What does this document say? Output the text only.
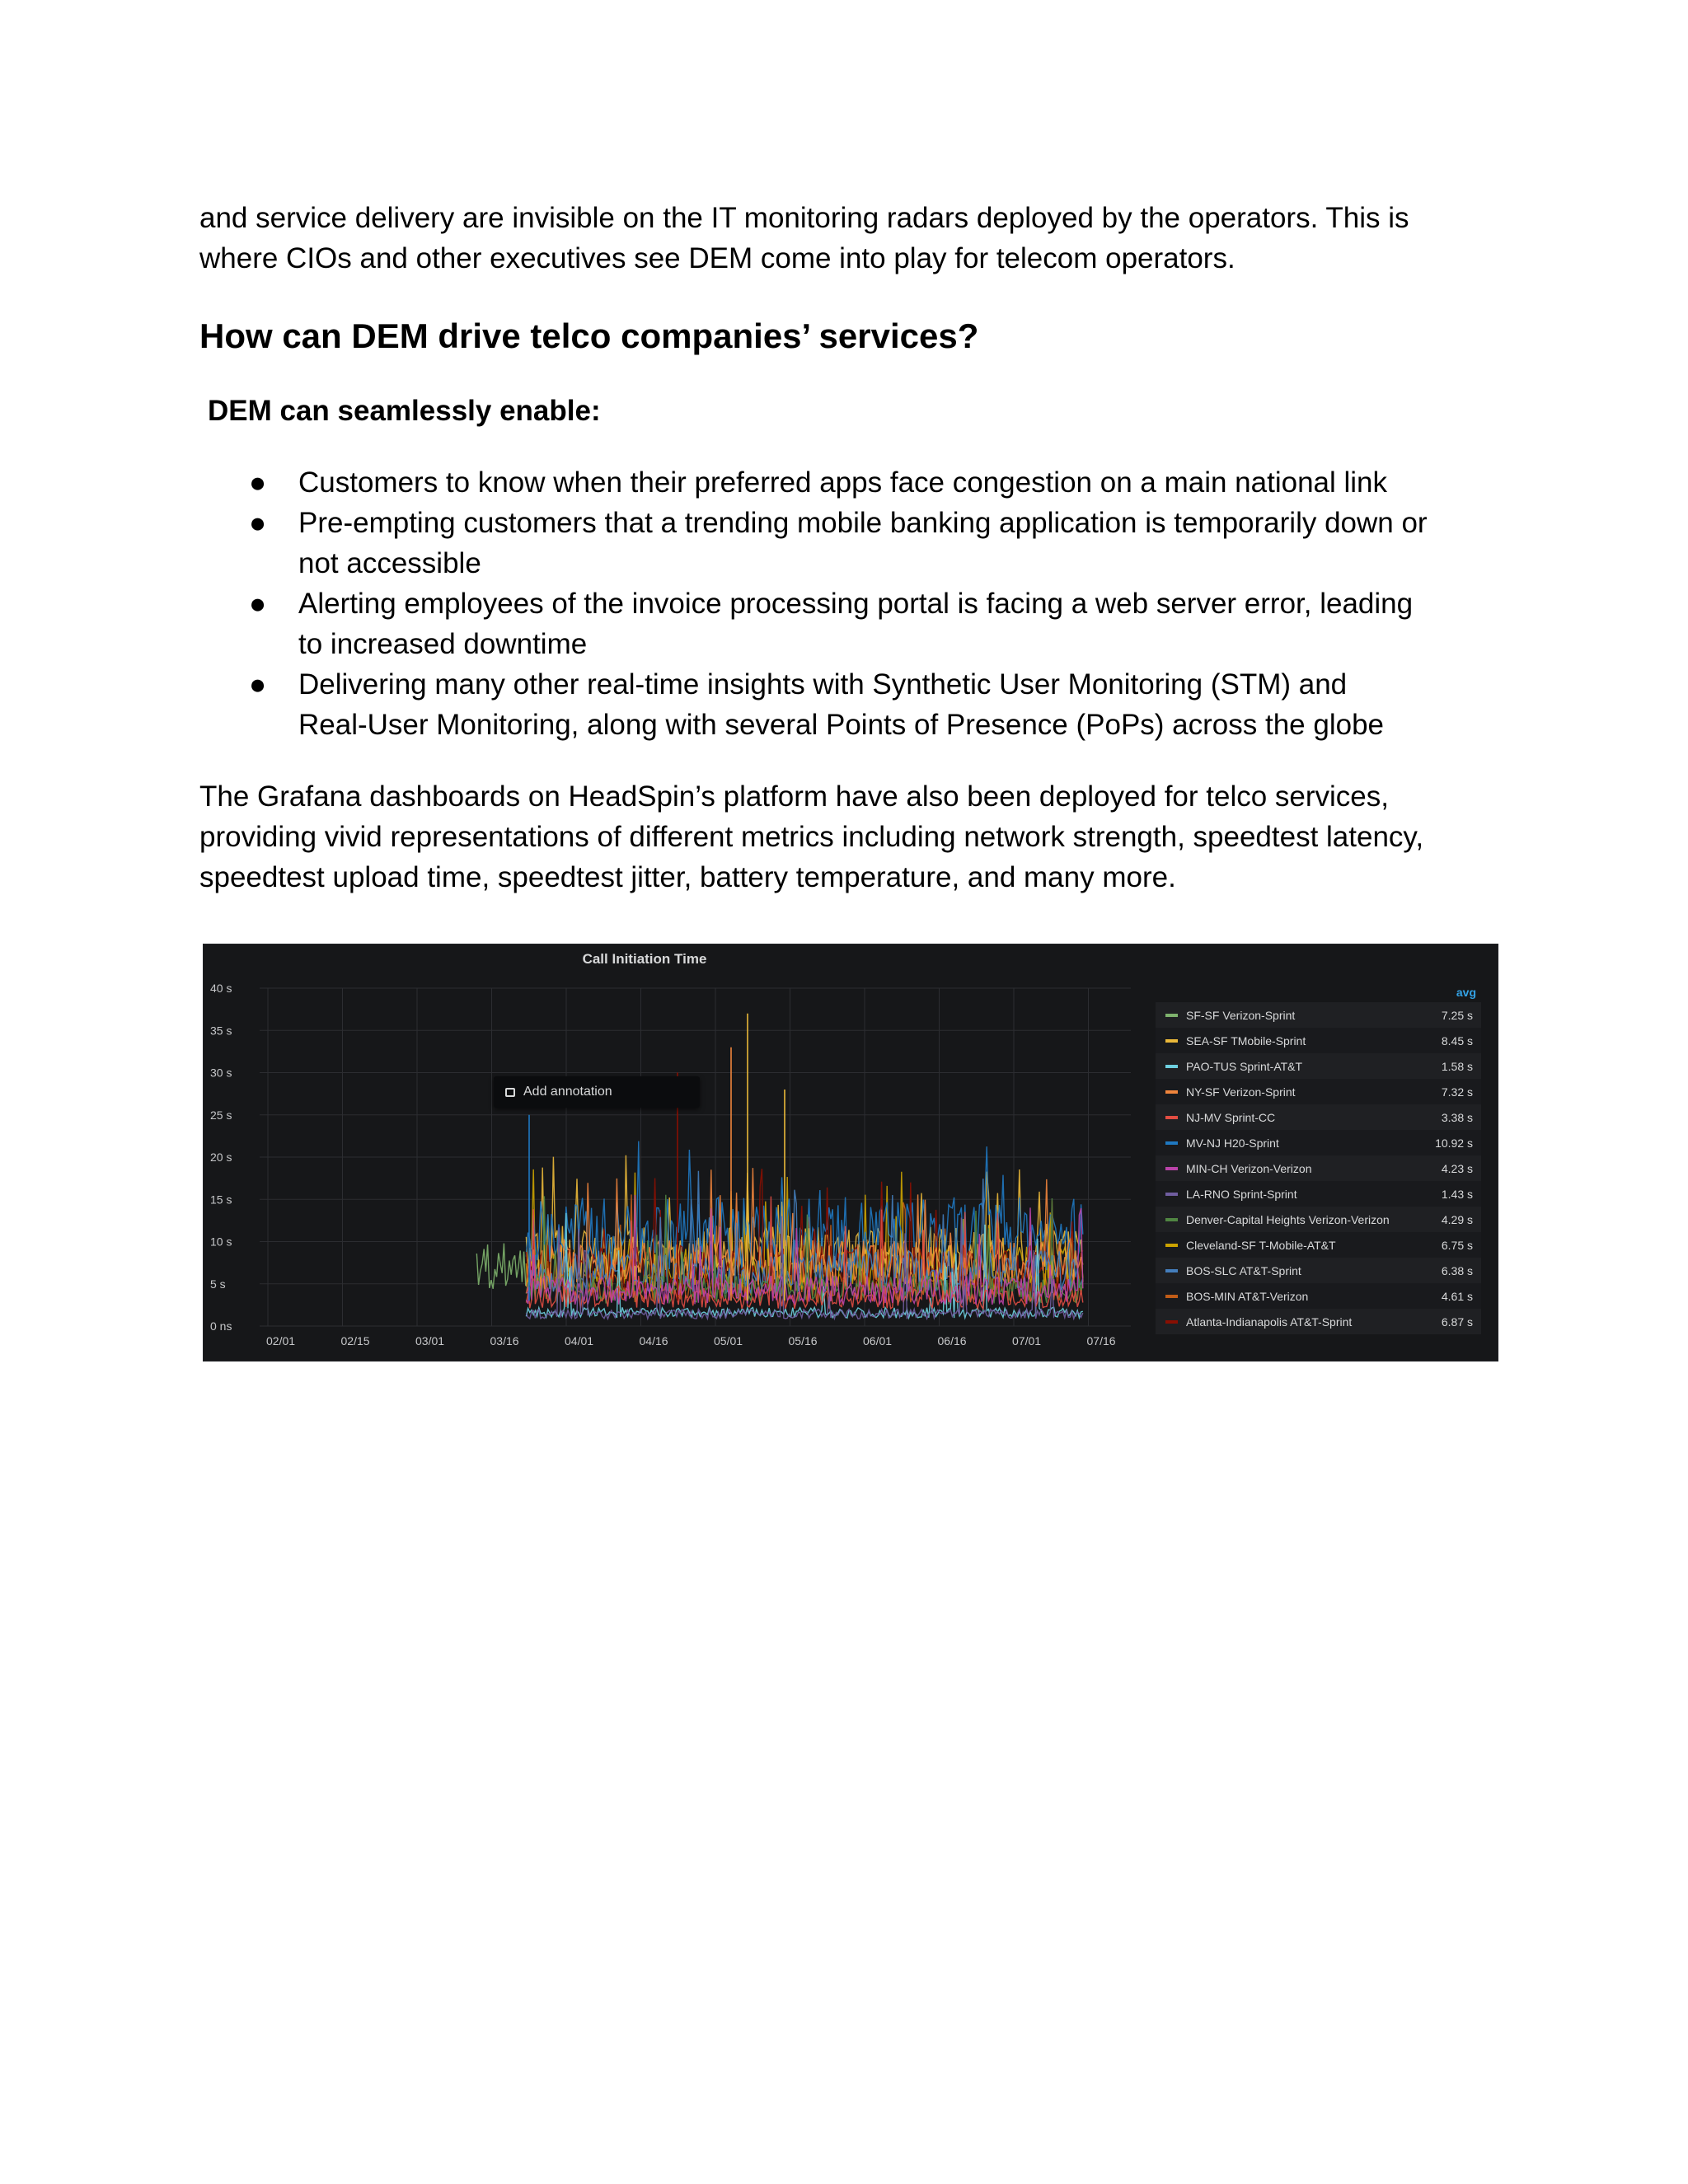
and service delivery are invisible on the IT monitoring radars deployed by the operators. This is
where CIOs and other executives see DEM come into play for telecom operators.

How can DEM drive telco companies’ services?
DEM can seamlessly enable:
● Customers to know when their preferred apps face congestion on a main national link
● Pre-empting customers that a trending mobile banking application is temporarily down or
not accessible
● Alerting employees of the invoice processing portal is facing a web server error, leading
to increased downtime
● Delivering many other real-time insights with Synthetic User Monitoring (STM) and
Real-User Monitoring, along with several Points of Presence (PoPs) across the globe

The Grafana dashboards on HeadSpin’s platform have also been deployed for telco services,
providing vivid representations of different metrics including network strength, speedtest latency,
speedtest upload time, speedtest jitter, battery temperature, and many more.

0 ns
5 s
10 s
15 s
20 s
25 s
30 s
35 s
40 s
02/01	02/15	03/01	03/16	04/01	04/16	05/01	05/16	06/01	06/16	07/01	07/16
Call Initiation Time
Add annotation
avg
SF-SF Verizon-Sprint	7.25 s
SEA-SF TMobile-Sprint	8.45 s
PAO-TUS Sprint-AT&T	1.58 s
NY-SF Verizon-Sprint	7.32 s
NJ-MV Sprint-CC	3.38 s
MV-NJ H20-Sprint	10.92 s
MIN-CH Verizon-Verizon	4.23 s
LA-RNO Sprint-Sprint	1.43 s
Denver-Capital Heights Verizon-Verizon	4.29 s
Cleveland-SF T-Mobile-AT&T	6.75 s
BOS-SLC AT&T-Sprint	6.38 s
BOS-MIN AT&T-Verizon	4.61 s
Atlanta-Indianapolis AT&T-Sprint	6.87 s
